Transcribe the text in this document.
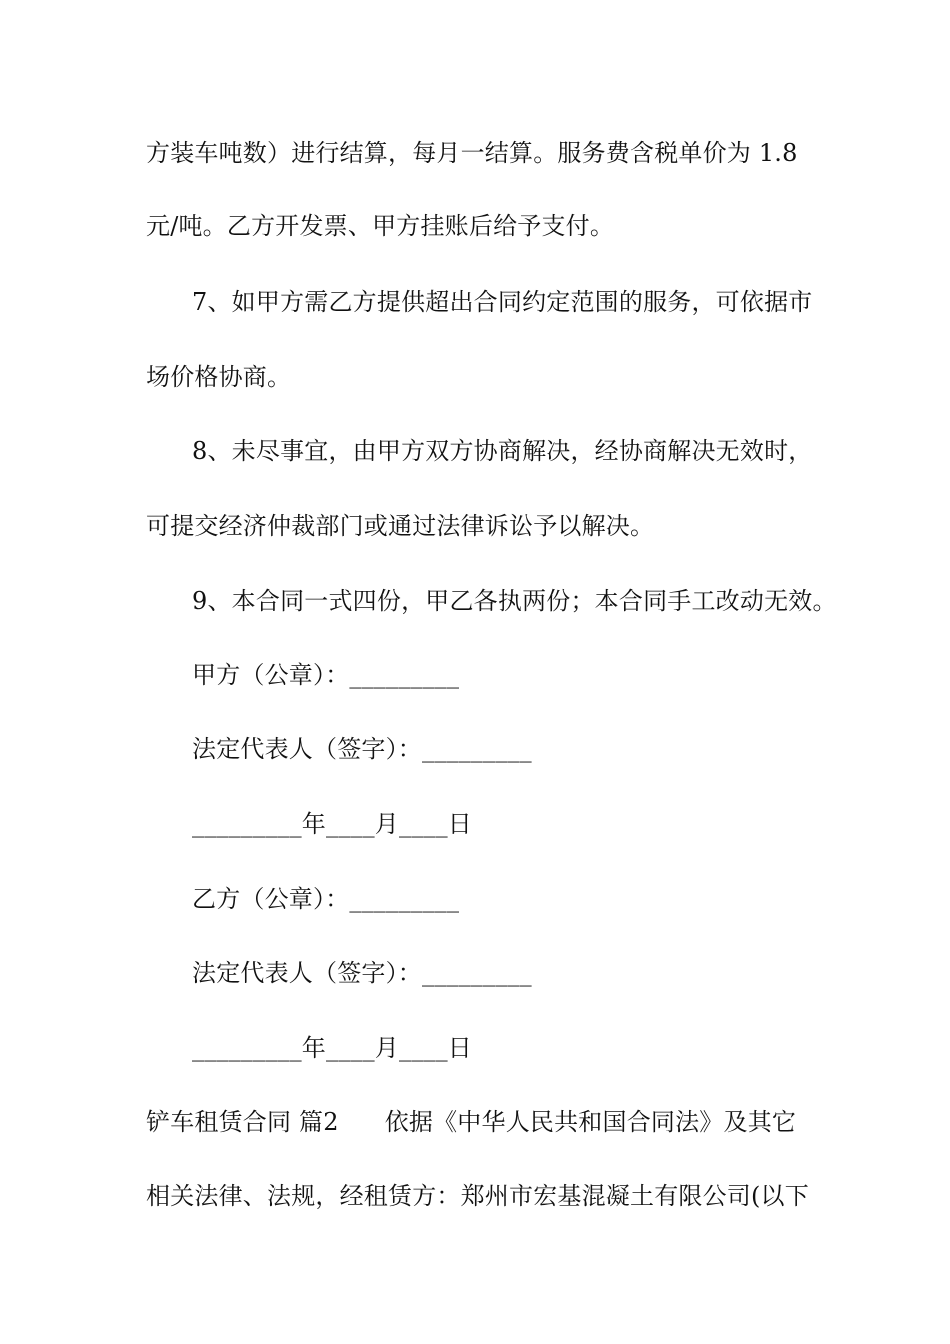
方装车吨数）进行结算，每月一结算。服务费含税单价为 1.8
元/吨。乙方开发票、甲方挂账后给予支付。
7、如甲方需乙方提供超出合同约定范围的服务，可依据市
场价格协商。
8、未尽事宜，由甲方双方协商解决，经协商解决无效时，
可提交经济仲裁部门或通过法律诉讼予以解决。
9、本合同一式四份，甲乙各执两份；本合同手工改动无效。
甲方（公章）：_________
法定代表人（签字）：_________
_________年____月____日
乙方（公章）：_________
法定代表人（签字）：_________
_________年____月____日
铲车租赁合同 篇2 依据《中华人民共和国合同法》及其它
相关法律、法规，经租赁方：郑州市宏基混凝土有限公司(以下
